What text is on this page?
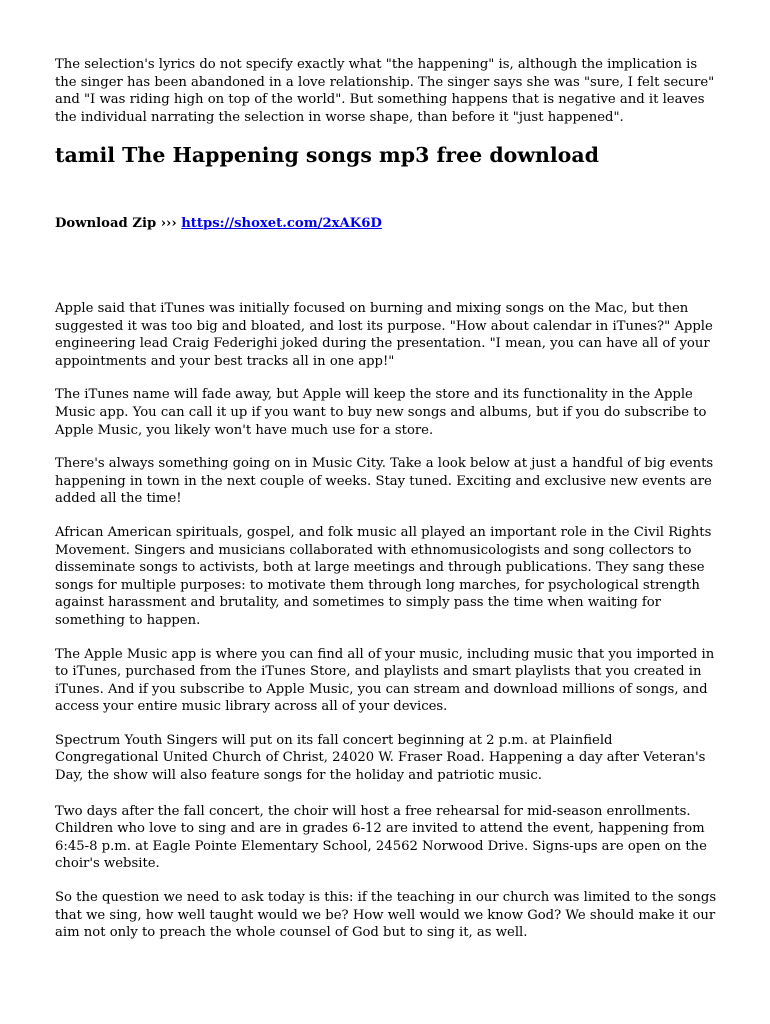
The selection's lyrics do not specify exactly what "the happening" is, although the implication is the singer has been abandoned in a love relationship. The singer says she was "sure, I felt secure" and "I was riding high on top of the world". But something happens that is negative and it leaves the individual narrating the selection in worse shape, than before it "just happened".

tamil The Happening songs mp3 free download
Download Zip ››› https://shoxet.com/2xAK6D

Apple said that iTunes was initially focused on burning and mixing songs on the Mac, but then suggested it was too big and bloated, and lost its purpose. "How about calendar in iTunes?" Apple engineering lead Craig Federighi joked during the presentation. "I mean, you can have all of your appointments and your best tracks all in one app!"

The iTunes name will fade away, but Apple will keep the store and its functionality in the Apple Music app. You can call it up if you want to buy new songs and albums, but if you do subscribe to Apple Music, you likely won't have much use for a store.

There's always something going on in Music City. Take a look below at just a handful of big events happening in town in the next couple of weeks. Stay tuned. Exciting and exclusive new events are added all the time!

African American spirituals, gospel, and folk music all played an important role in the Civil Rights Movement. Singers and musicians collaborated with ethnomusicologists and song collectors to disseminate songs to activists, both at large meetings and through publications. They sang these songs for multiple purposes: to motivate them through long marches, for psychological strength against harassment and brutality, and sometimes to simply pass the time when waiting for something to happen.

The Apple Music app is where you can find all of your music, including music that you imported in to iTunes, purchased from the iTunes Store, and playlists and smart playlists that you created in iTunes. And if you subscribe to Apple Music, you can stream and download millions of songs, and access your entire music library across all of your devices.

Spectrum Youth Singers will put on its fall concert beginning at 2 p.m. at Plainfield Congregational United Church of Christ, 24020 W. Fraser Road. Happening a day after Veteran's Day, the show will also feature songs for the holiday and patriotic music.

Two days after the fall concert, the choir will host a free rehearsal for mid-season enrollments. Children who love to sing and are in grades 6-12 are invited to attend the event, happening from 6:45-8 p.m. at Eagle Pointe Elementary School, 24562 Norwood Drive. Signs-ups are open on the choir's website.

So the question we need to ask today is this: if the teaching in our church was limited to the songs that we sing, how well taught would we be? How well would we know God? We should make it our aim not only to preach the whole counsel of God but to sing it, as well.
